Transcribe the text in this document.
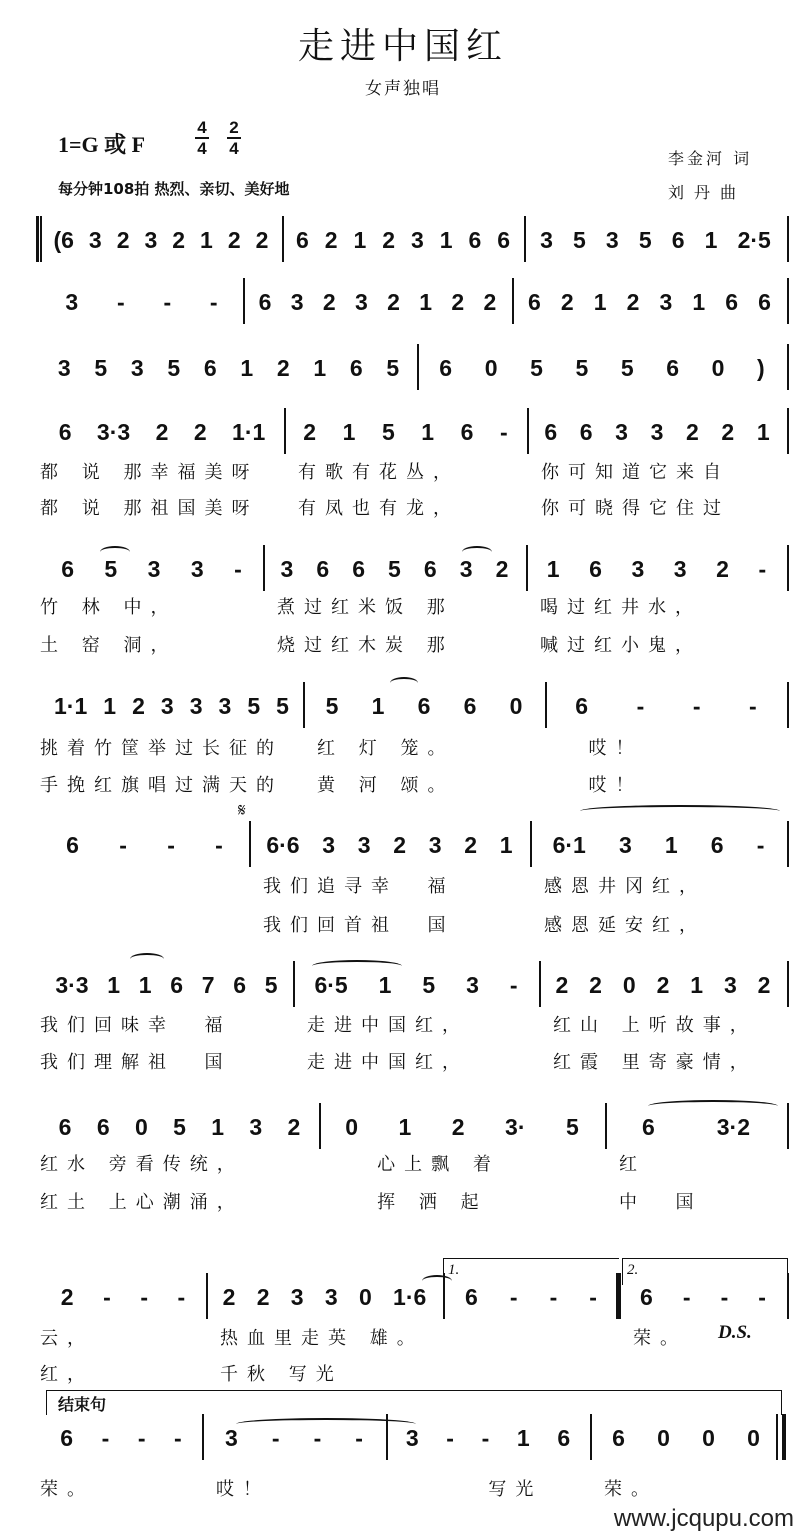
走进中国红
女声独唱
1=G 或 F
4
4
2
4
每分钟108拍 热烈、亲切、美好地
李金河 词
刘丹曲
(6 3 2 3 2 1 2 2 6 2 1 2 3 1 6 6 3 5 3 5 6 1 2·5
3 - - - 6 3 2 3 2 1 2 2 6 2 1 2 3 1 6 6
3 5 3 5 6 1 2 1 6 5 6 0 5 5 5 6 0 )
6 3·3 2 2 1·1
都 说 那幸福美呀
都 说 那祖国美呀
2 1 5 1 6 -
有歌有花丛，
有凤也有龙，
6 6 3 3 2 2 1
你可知道它来自
你可晓得它住过
6 5 3 3 -
竹 林 中，
土 窑 洞，
3 6 6 5 6 3 2
煮过红米饭 那
烧过红木炭 那
1 6 3 3 2 -
喝过红井水，
喊过红小鬼，
1·1 1 2 3 3 3 5 5
挑着竹筐举过长征的
手挽红旗唱过满天的
5 1 6 6 0
红 灯 笼。
黄 河 颂。
6 - - -
哎！
哎！
6 - - - 6·6 3 3 2 3 2 1
我们追寻幸  福
我们回首祖  国
6·1 3 1 6 -
感恩井冈红，
感恩延安红，
3·3 1 1 6 7 6 5
我们回味幸  福
我们理解祖  国
6·5 1 5 3 -
走进中国红，
走进中国红，
2 2 0 2 1 3 2
红山 上听故事，
红霞 里寄豪情，
6 6 0 5 1 3 2
红水 旁看传统，
红土 上心潮涌，
0 1 2 3· 5
心上飘 着
挥 洒 起
6	3·2
红
中  国
2 - - -
云，
红，
2 2 3 3 0 1·6
热血里走英 雄。
千秋 写光
6 - - - 6 - - -
荣。
6 - - -
荣。
3 - - -
哎！
3 - - 1 6
写光
6 0 0 0
荣。
𝄋
1.	2.
D.S.
结束句
www.jcqupu.com
